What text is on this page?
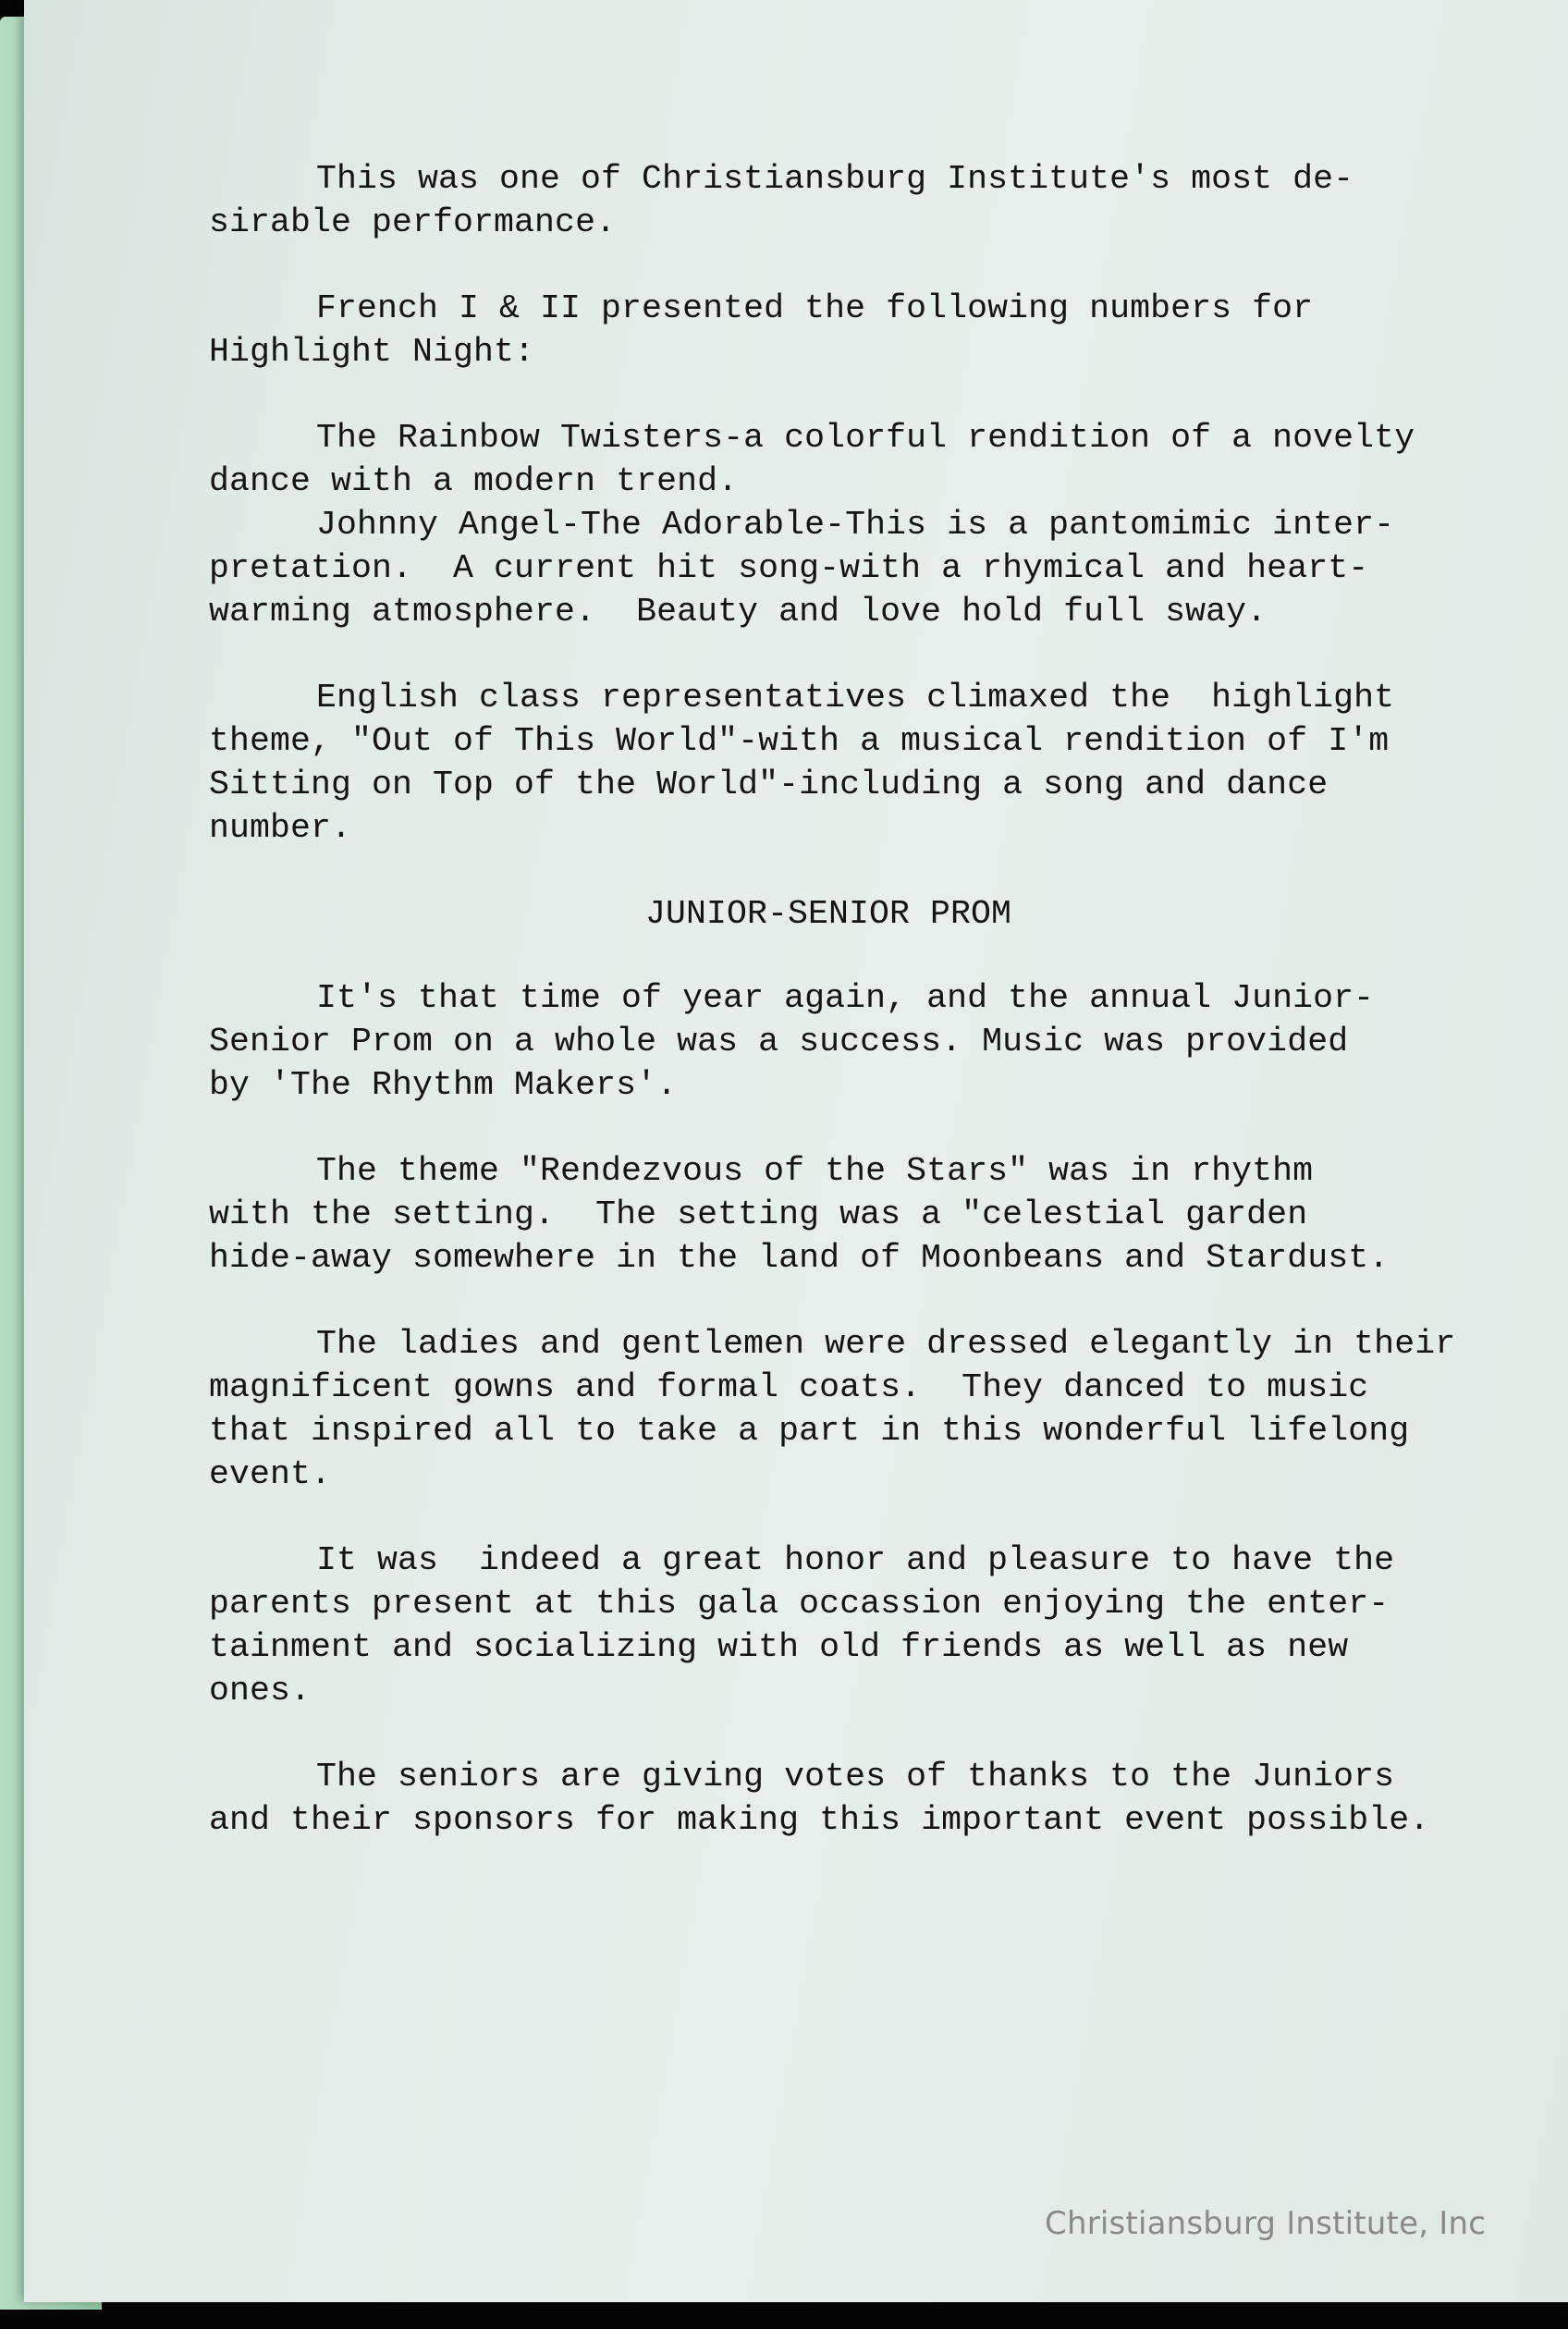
This was one of Christiansburg Institute's most de-
sirable performance.

French I & II presented the following numbers for
Highlight Night:

The Rainbow Twisters-a colorful rendition of a novelty
dance with a modern trend.

Johnny Angel-The Adorable-This is a pantomimic inter-
pretation.  A current hit song-with a rhymical and heart-
warming atmosphere.  Beauty and love hold full sway.

English class representatives climaxed the  highlight
theme, "Out of This World"-with a musical rendition of I'm
Sitting on Top of the World"-including a song and dance
number.

JUNIOR-SENIOR PROM

It's that time of year again, and the annual Junior-
Senior Prom on a whole was a success. Music was provided
by 'The Rhythm Makers'.

The theme "Rendezvous of the Stars" was in rhythm
with the setting.  The setting was a "celestial garden
hide-away somewhere in the land of Moonbeans and Stardust.

The ladies and gentlemen were dressed elegantly in their
magnificent gowns and formal coats.  They danced to music
that inspired all to take a part in this wonderful lifelong
event.

It was  indeed a great honor and pleasure to have the
parents present at this gala occassion enjoying the enter-
tainment and socializing with old friends as well as new
ones.

The seniors are giving votes of thanks to the Juniors
and their sponsors for making this important event possible.

Christiansburg Institute, Inc
